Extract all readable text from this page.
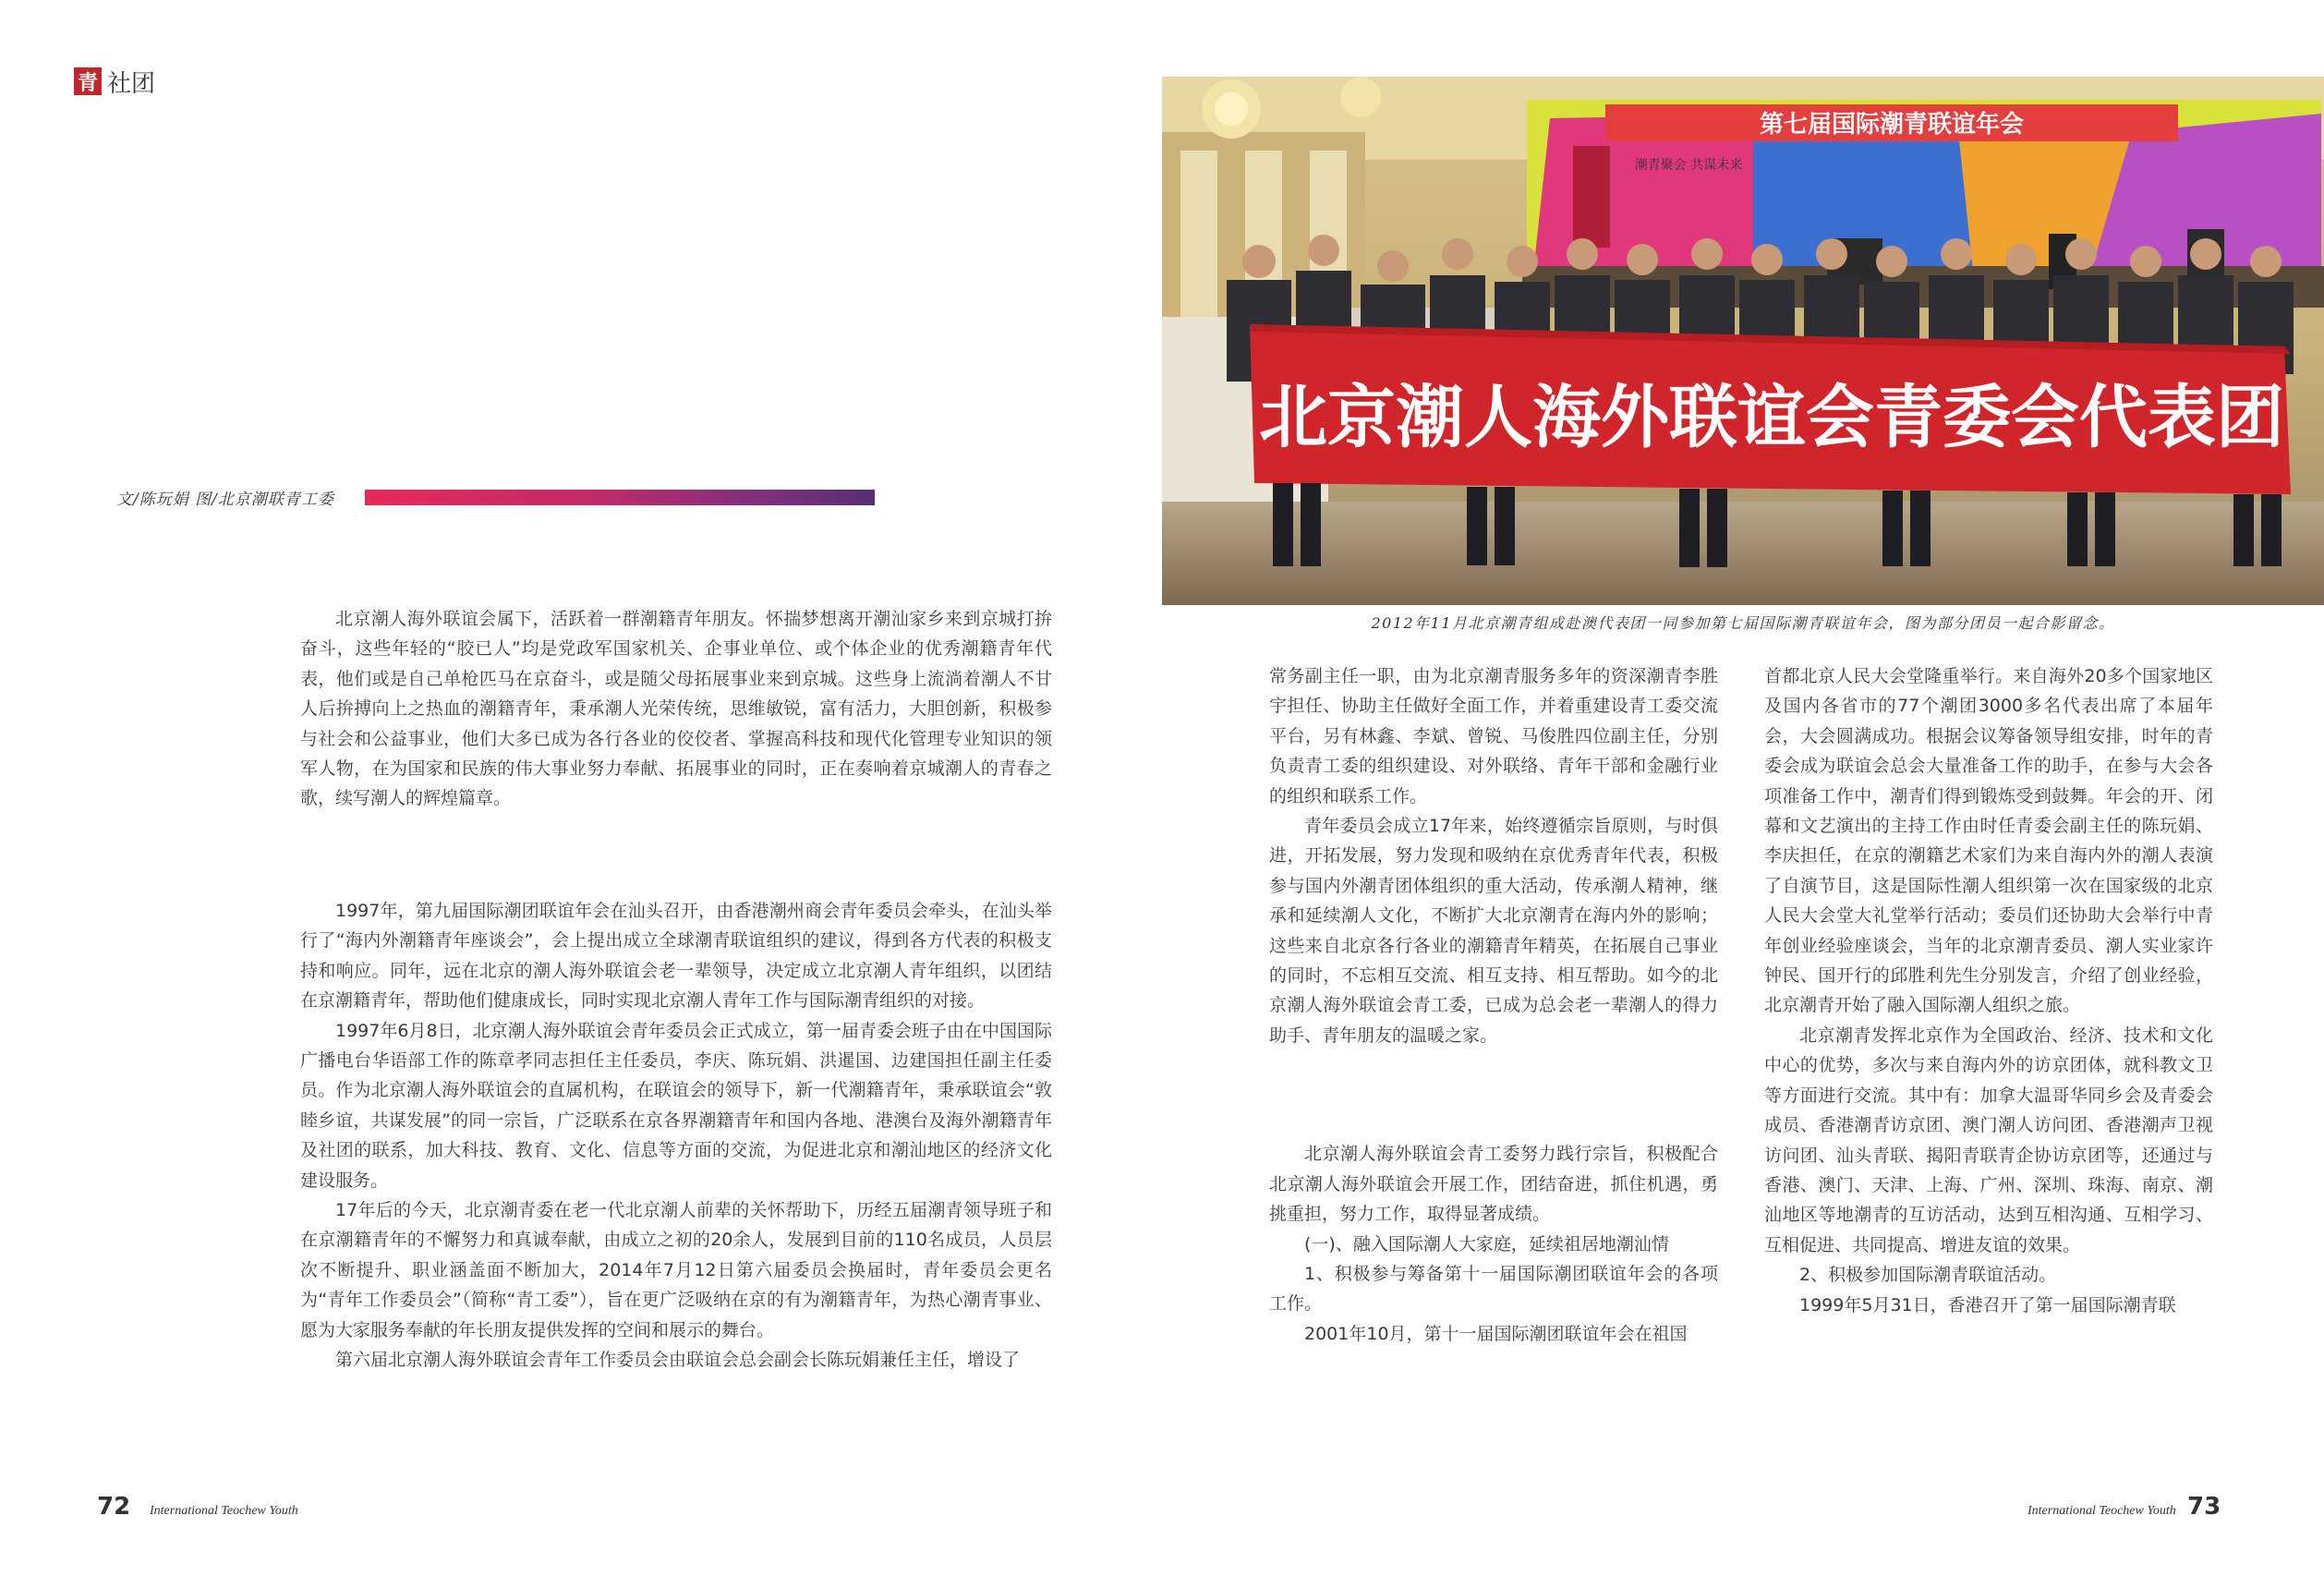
青 社团
文/陈玩娟 图/北京潮联青工委

北京潮人海外联谊会属下，活跃着一群潮籍青年朋友。怀揣梦想离开潮汕家乡来到京城打拚奋斗，这些年轻的“胶已人”均是党政军国家机关、企事业单位、或个体企业的优秀潮籍青年代表，他们或是自己单枪匹马在京奋斗，或是随父母拓展事业来到京城。这些身上流淌着潮人不甘人后拚搏向上之热血的潮籍青年，秉承潮人光荣传统，思维敏锐，富有活力，大胆创新，积极参与社会和公益事业，他们大多已成为各行各业的佼佼者、掌握高科技和现代化管理专业知识的领军人物，在为国家和民族的伟大事业努力奉献、拓展事业的同时，正在奏响着京城潮人的青春之歌，续写潮人的辉煌篇章。

1997年，第九届国际潮团联谊年会在汕头召开，由香港潮州商会青年委员会牵头，在汕头举行了“海内外潮籍青年座谈会”，会上提出成立全球潮青联谊组织的建议，得到各方代表的积极支持和响应。同年，远在北京的潮人海外联谊会老一辈领导，决定成立北京潮人青年组织，以团结在京潮籍青年，帮助他们健康成长，同时实现北京潮人青年工作与国际潮青组织的对接。

1997年6月8日，北京潮人海外联谊会青年委员会正式成立，第一届青委会班子由在中国国际广播电台华语部工作的陈章孝同志担任主任委员，李庆、陈玩娟、洪暹国、边建国担任副主任委员。作为北京潮人海外联谊会的直属机构，在联谊会的领导下，新一代潮籍青年，秉承联谊会“敦睦乡谊，共谋发展”的同一宗旨，广泛联系在京各界潮籍青年和国内各地、港澳台及海外潮籍青年及社团的联系，加大科技、教育、文化、信息等方面的交流，为促进北京和潮汕地区的经济文化建设服务。

17年后的今天，北京潮青委在老一代北京潮人前辈的关怀帮助下，历经五届潮青领导班子和在京潮籍青年的不懈努力和真诚奉献，由成立之初的20余人，发展到目前的110名成员，人员层次不断提升、职业涵盖面不断加大，2014年7月12日第六届委员会换届时，青年委员会更名为“青年工作委员会”（简称“青工委”），旨在更广泛吸纳在京的有为潮籍青年，为热心潮青事业、愿为大家服务奉献的年长朋友提供发挥的空间和展示的舞台。

第六届北京潮人海外联谊会青年工作委员会由联谊会总会副会长陈玩娟兼任主任，增设了

第七届国际潮青联谊年会
潮青聚会 共谋未来
北京潮人海外联谊会青委会代表团
2012年11月北京潮青组成赴澳代表团一同参加第七届国际潮青联谊年会，图为部分团员一起合影留念。

常务副主任一职，由为北京潮青服务多年的资深潮青李胜宇担任、协助主任做好全面工作，并着重建设青工委交流平台，另有林鑫、李斌、曾锐、马俊胜四位副主任，分别负责青工委的组织建设、对外联络、青年干部和金融行业的组织和联系工作。

青年委员会成立17年来，始终遵循宗旨原则，与时俱进，开拓发展，努力发现和吸纳在京优秀青年代表，积极参与国内外潮青团体组织的重大活动，传承潮人精神，继承和延续潮人文化，不断扩大北京潮青在海内外的影响；这些来自北京各行各业的潮籍青年精英，在拓展自己事业的同时，不忘相互交流、相互支持、相互帮助。如今的北京潮人海外联谊会青工委，已成为总会老一辈潮人的得力助手、青年朋友的温暖之家。

北京潮人海外联谊会青工委努力践行宗旨，积极配合北京潮人海外联谊会开展工作，团结奋进，抓住机遇，勇挑重担，努力工作，取得显著成绩。

(一)、融入国际潮人大家庭，延续祖居地潮汕情

1、积极参与筹备第十一届国际潮团联谊年会的各项工作。

2001年10月，第十一届国际潮团联谊年会在祖国

首都北京人民大会堂隆重举行。来自海外20多个国家地区及国内各省市的77个潮团3000多名代表出席了本届年会，大会圆满成功。根据会议筹备领导组安排，时年的青委会成为联谊会总会大量准备工作的助手，在参与大会各项准备工作中，潮青们得到锻炼受到鼓舞。年会的开、闭幕和文艺演出的主持工作由时任青委会副主任的陈玩娟、李庆担任，在京的潮籍艺术家们为来自海内外的潮人表演了自演节目，这是国际性潮人组织第一次在国家级的北京人民大会堂大礼堂举行活动；委员们还协助大会举行中青年创业经验座谈会，当年的北京潮青委员、潮人实业家许钟民、国开行的邱胜利先生分别发言，介绍了创业经验，北京潮青开始了融入国际潮人组织之旅。

北京潮青发挥北京作为全国政治、经济、技术和文化中心的优势，多次与来自海内外的访京团体，就科教文卫等方面进行交流。其中有：加拿大温哥华同乡会及青委会成员、香港潮青访京团、澳门潮人访问团、香港潮声卫视访问团、汕头青联、揭阳青联青企协访京团等，还通过与香港、澳门、天津、上海、广州、深圳、珠海、南京、潮汕地区等地潮青的互访活动，达到互相沟通、互相学习、互相促进、共同提高、增进友谊的效果。

2、积极参加国际潮青联谊活动。

1999年5月31日，香港召开了第一届国际潮青联

72 International Teochew Youth	International Teochew Youth 73
